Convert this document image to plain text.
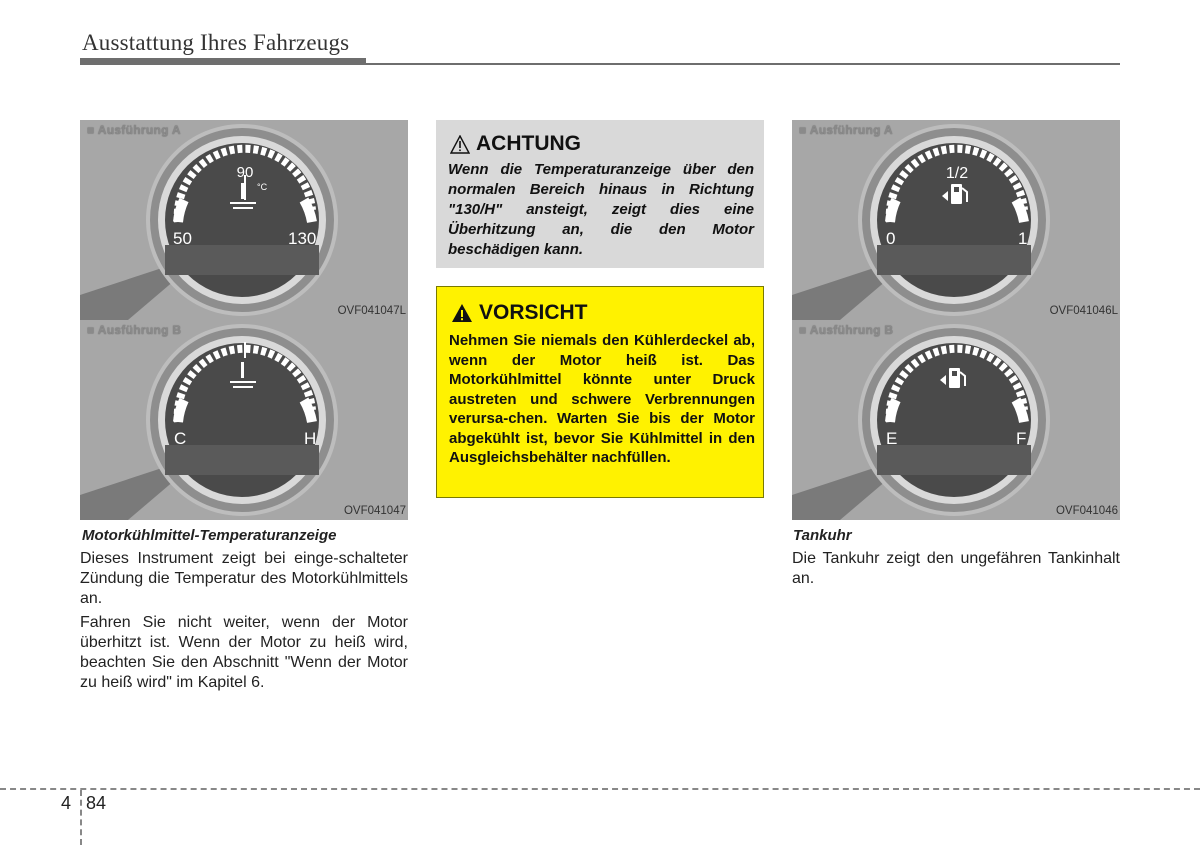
Ausstattung Ihres Fahrzeugs
90
°C
50	130
■ Ausführung A
OVF041047L
C	H
■ Ausführung B
OVF041047
Motorkühlmittel-Temperaturanzeige

Dieses Instrument zeigt bei einge-schalteter Zündung die Temperatur des Motorkühlmittels an.

Fahren Sie nicht weiter, wenn der Motor überhitzt ist. Wenn der Motor zu heiß wird, beachten Sie den Abschnitt "Wenn der Motor zu heiß wird" im Kapitel 6.

ACHTUNG
Wenn die Temperaturanzeige über den normalen Bereich hinaus in Richtung "130/H" ansteigt, zeigt dies eine Überhitzung an, die den Motor beschädigen kann.
VORSICHT
Nehmen Sie niemals den Kühlerdeckel ab, wenn der Motor heiß ist. Das Motorkühlmittel könnte unter Druck austreten und schwere Verbrennungen verursa-chen. Warten Sie bis der Motor abgekühlt ist, bevor Sie Kühlmittel in den Ausgleichsbehälter nachfüllen.
1/2
0	1
■ Ausführung A
OVF041046L
E	F
■ Ausführung B
OVF041046
Tankuhr

Die Tankuhr zeigt den ungefähren Tankinhalt an.

4 84
